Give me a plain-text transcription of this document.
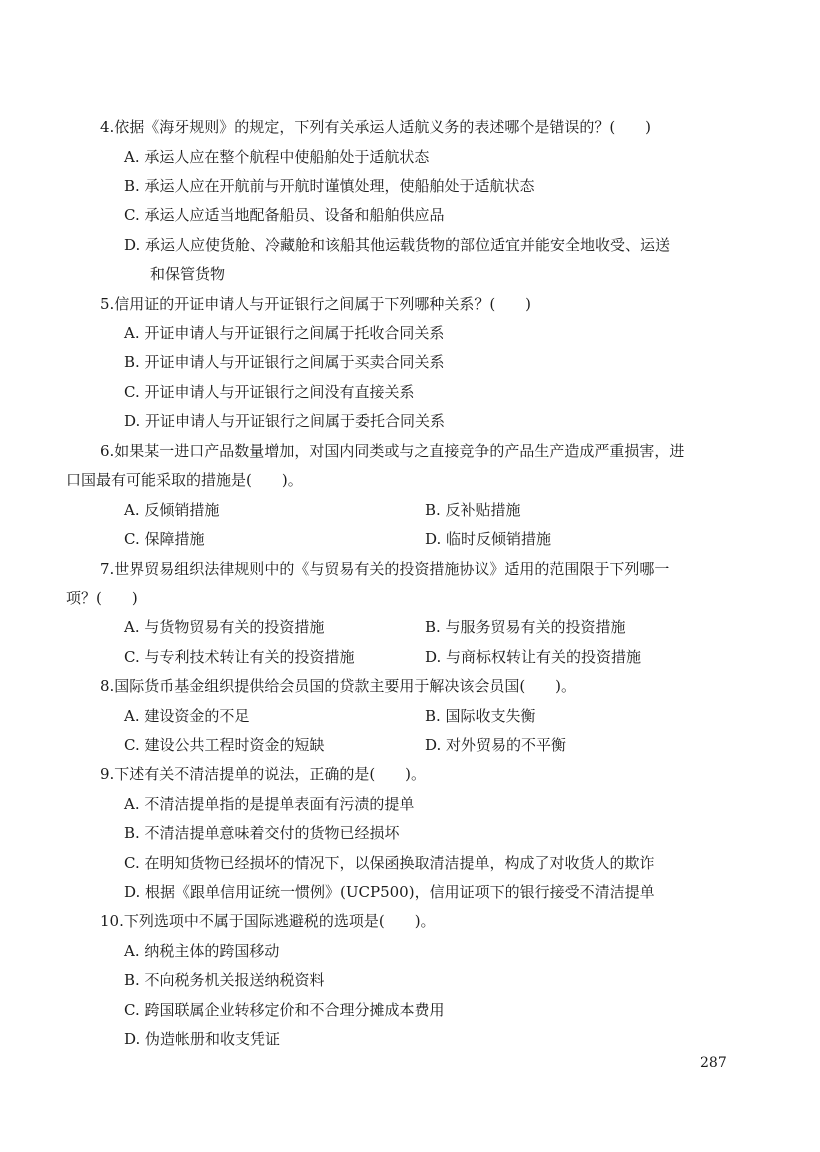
4.依据《海牙规则》的规定，下列有关承运人适航义务的表述哪个是错误的？(　　)
A. 承运人应在整个航程中使船舶处于适航状态
B. 承运人应在开航前与开航时谨慎处理，使船舶处于适航状态
C. 承运人应适当地配备船员、设备和船舶供应品
D. 承运人应使货舱、冷藏舱和该船其他运载货物的部位适宜并能安全地收受、运送
和保管货物
5.信用证的开证申请人与开证银行之间属于下列哪种关系？(　　)
A. 开证申请人与开证银行之间属于托收合同关系
B. 开证申请人与开证银行之间属于买卖合同关系
C. 开证申请人与开证银行之间没有直接关系
D. 开证申请人与开证银行之间属于委托合同关系
6.如果某一进口产品数量增加，对国内同类或与之直接竞争的产品生产造成严重损害，进
口国最有可能采取的措施是(　　)。
A. 反倾销措施	B. 反补贴措施
C. 保障措施	D. 临时反倾销措施
7.世界贸易组织法律规则中的《与贸易有关的投资措施协议》适用的范围限于下列哪一
项？(　　)
A. 与货物贸易有关的投资措施	B. 与服务贸易有关的投资措施
C. 与专利技术转让有关的投资措施	D. 与商标权转让有关的投资措施
8.国际货币基金组织提供给会员国的贷款主要用于解决该会员国(　　)。
A. 建设资金的不足	B. 国际收支失衡
C. 建设公共工程时资金的短缺	D. 对外贸易的不平衡
9.下述有关不清洁提单的说法，正确的是(　　)。
A. 不清洁提单指的是提单表面有污渍的提单
B. 不清洁提单意味着交付的货物已经损坏
C. 在明知货物已经损坏的情况下，以保函换取清洁提单，构成了对收货人的欺诈
D. 根据《跟单信用证统一惯例》(UCP500)，信用证项下的银行接受不清洁提单
10.下列选项中不属于国际逃避税的选项是(　　)。
A. 纳税主体的跨国移动
B. 不向税务机关报送纳税资料
C. 跨国联属企业转移定价和不合理分摊成本费用
D. 伪造帐册和收支凭证
287
